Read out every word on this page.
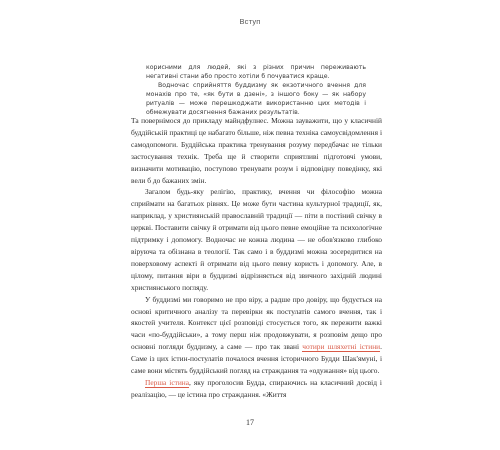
Вступ

корисними для людей, які з різних причин переживають негативні стани або просто хотіли б почуватися краще.

Водночас сприйняття буддизму як екзотичного вчення для монахів про те, «як бути в дзені», з іншого боку — як набору ритуалів — може перешкоджати використанню цих методів і обмежувати досягнення бажаних результатів.

Та повернімося до прикладу майндфулнес. Можна зауважити, що у класичній буддійській практиці це набагато більше, ніж певна техніка самоусвідомлення і самодопомоги. Буддійська практика тренування розуму передбачає не тільки застосування технік. Треба ще й створити сприятливі підготовчі умови, визначити мотивацію, поступово тренувати розум і відповідну поведінку, які вели б до бажаних змін.

Загалом будь-яку релігію, практику, вчення чи філософію можна сприймати на багатьох рівнях. Це може бути частина культурної традиції, як, наприклад, у християнській православній традиції — піти в постіний свічку в церкві. Поставити свічку й отримати від цього певне емоційне та психологічне підтримку і допомогу. Водночас не кожна людина — не обов'язково глибоко віруюча та обізнана в теології. Так само і в буддизмі можна зосередитися на поверховому аспекті й отримати від цього певну користь і допомогу. Але, в цілому, питання віри в буддизмі відрізняється від звичного західній людині християнського погляду.

У буддизмі ми говоримо не про віру, а радше про довіру, що будується на основі критичного аналізу та перевірки як постулатів самого вчення, так і якостей учителя. Контекст цієї розповіді стосується того, як пережити важкі часи «по-буддійськи», а тому перш ніж продовжувати, я розповім дещо про основні погляди буддизму, а саме — про так звані чотири шляхетні істини. Саме із цих істин-постулатів почалося вчення історичного Будди Шак'ямуні, і саме вони містять буддійський погляд на страждання та «одужання» від цього.

Перша істина, яку проголосив Будда, спираючись на класичний досвід і реалізацію, — це істина про страждання. «Життя

17
